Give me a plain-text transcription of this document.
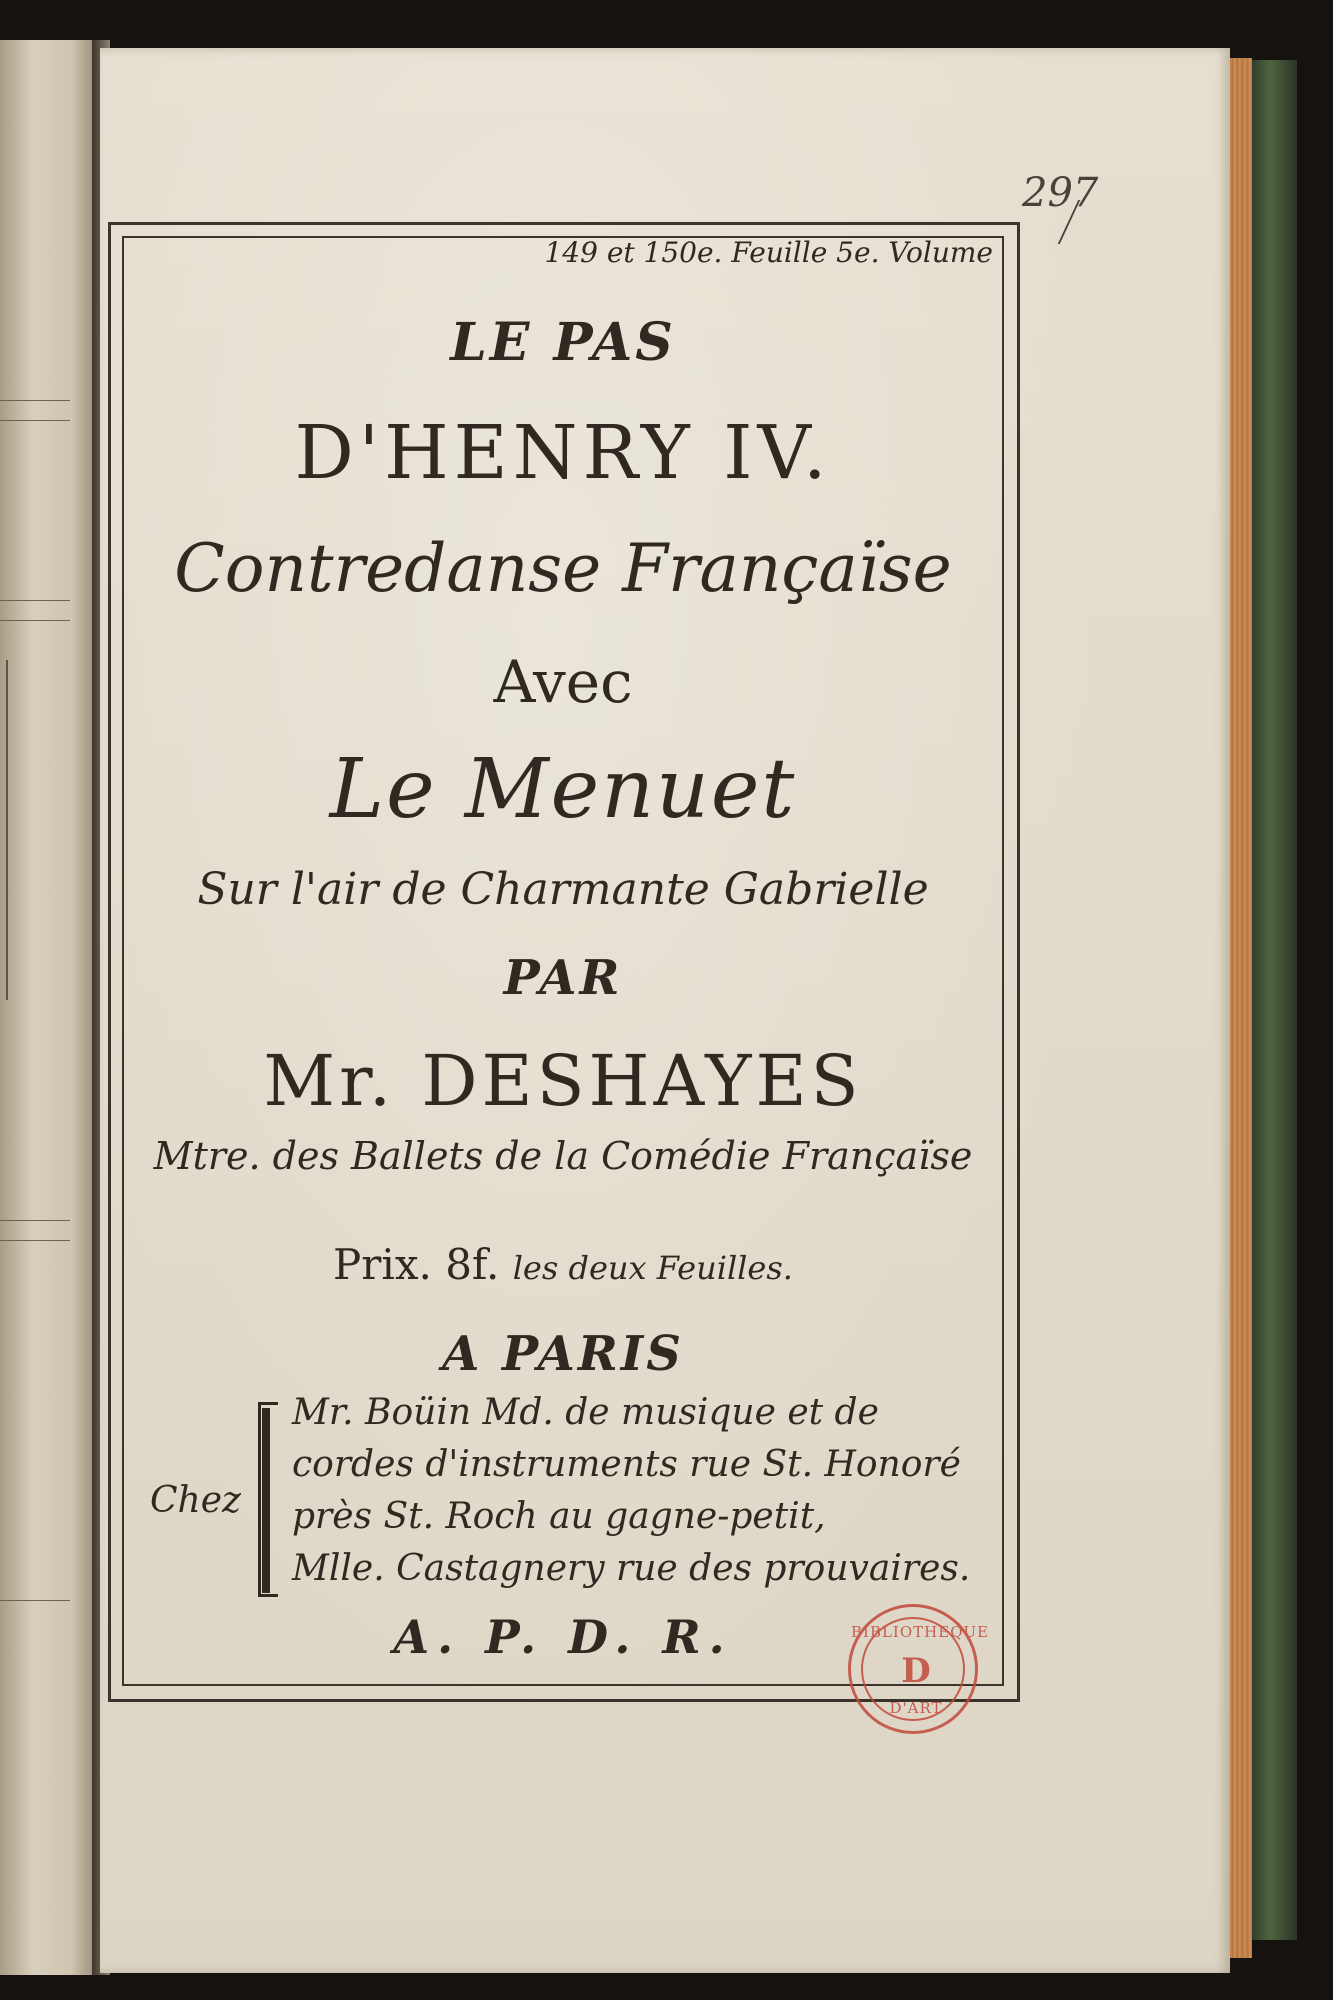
297
149 et 150e. Feuille 5e. Volume
LE PAS
D'HENRY IV.
Contredanse Françaïse
Avec
Le Menuet
Sur l'air de Charmante Gabrielle
PAR
Mr. DESHAYES
Mtre. des Ballets de la Comédie Françaïse
Prix. 8f. les deux Feuilles.
A PARIS
Chez
Mr. Boüin Md. de musique et de
cordes d'instruments rue St. Honoré
près St. Roch au gagne-petit,
Mlle. Castagnery rue des prouvaires.
A. P. D. R.	BIBLIOTHEQUE
D
D'ART
